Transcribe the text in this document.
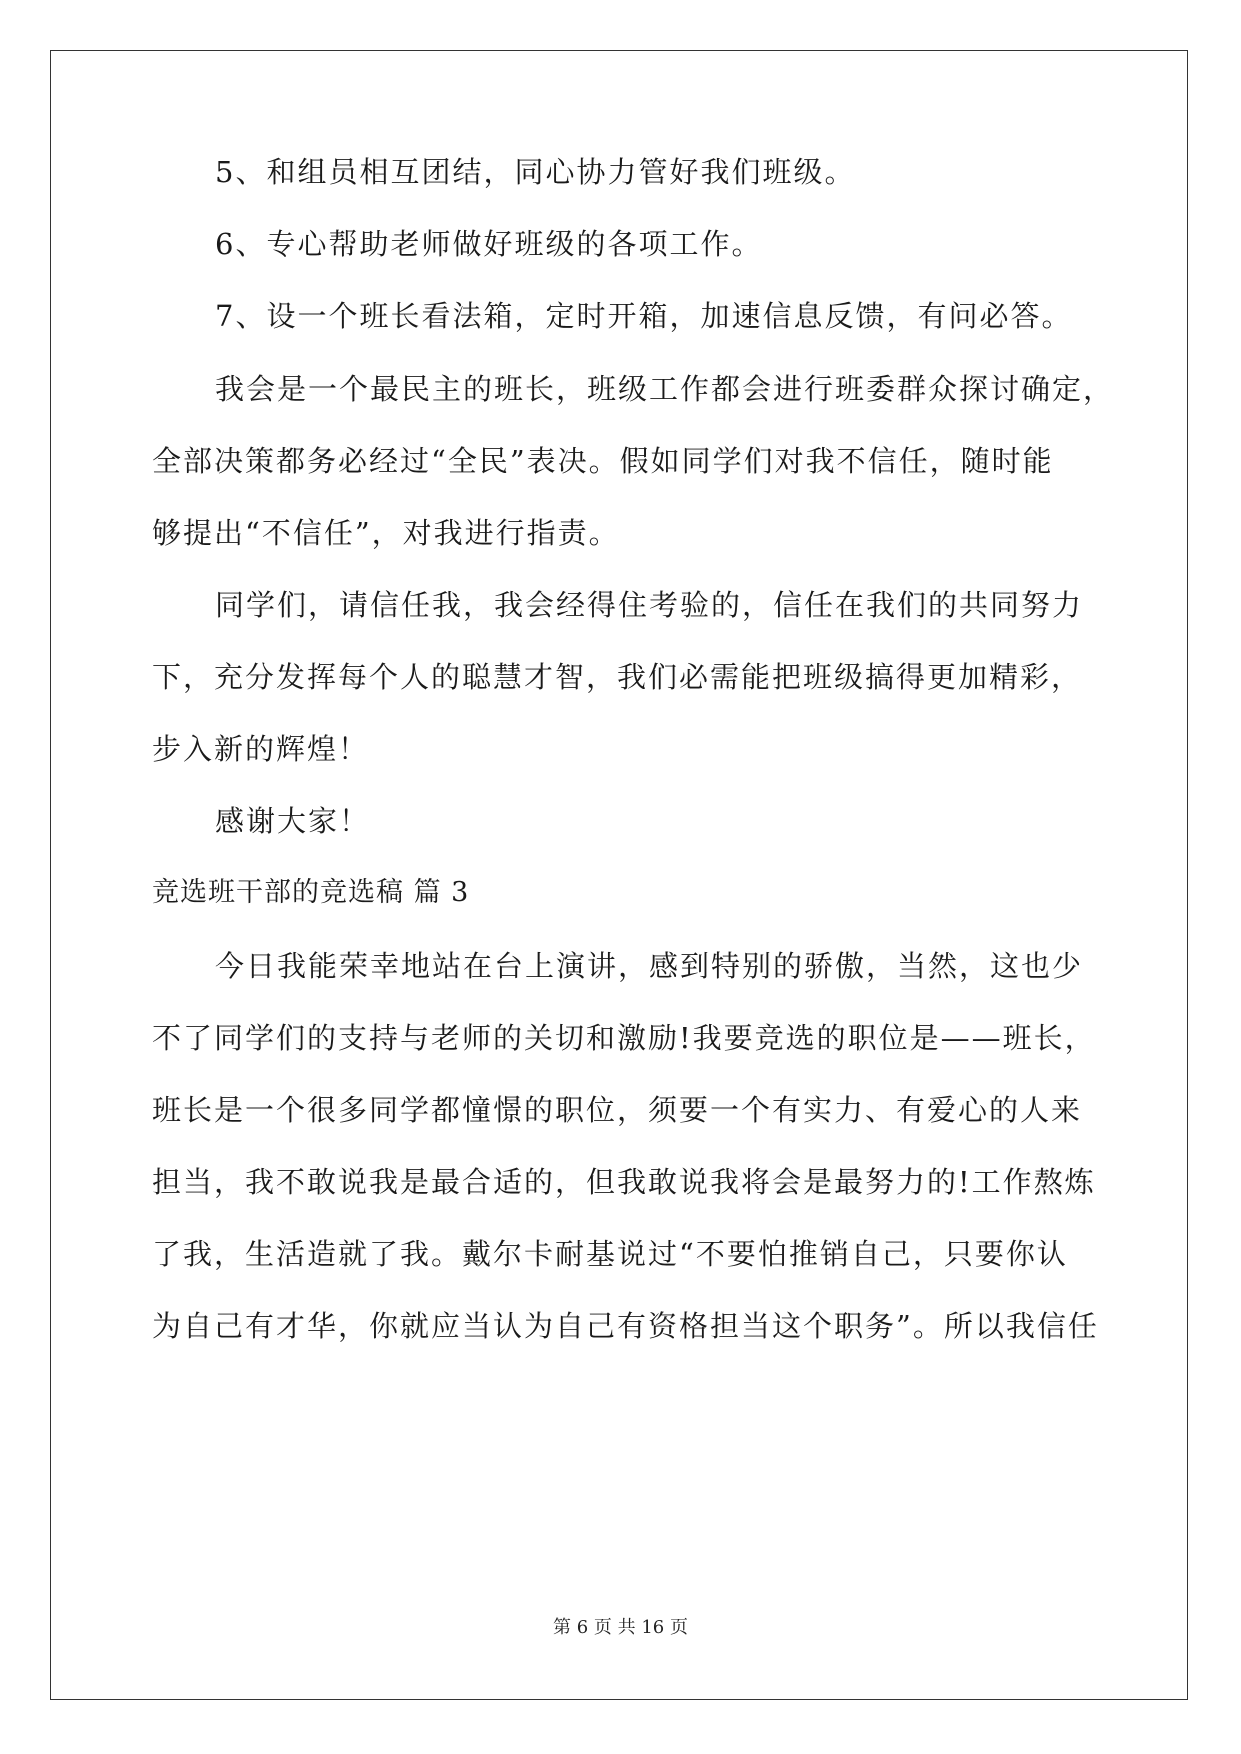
5、和组员相互团结，同心协力管好我们班级。
6、专心帮助老师做好班级的各项工作。
7、设一个班长看法箱，定时开箱，加速信息反馈，有问必答。
我会是一个最民主的班长，班级工作都会进行班委群众探讨确定，
全部决策都务必经过“全民”表决。假如同学们对我不信任，随时能
够提出“不信任”，对我进行指责。
同学们，请信任我，我会经得住考验的，信任在我们的共同努力
下，充分发挥每个人的聪慧才智，我们必需能把班级搞得更加精彩，
步入新的辉煌！
感谢大家！
竞选班干部的竞选稿 篇 3
今日我能荣幸地站在台上演讲，感到特别的骄傲，当然，这也少
不了同学们的支持与老师的关切和激励!我要竞选的职位是——班长，
班长是一个很多同学都憧憬的职位，须要一个有实力、有爱心的人来
担当，我不敢说我是最合适的，但我敢说我将会是最努力的!工作熬炼
了我，生活造就了我。戴尔卡耐基说过“不要怕推销自己，只要你认
为自己有才华，你就应当认为自己有资格担当这个职务”。所以我信任
第 6 页 共 16 页
